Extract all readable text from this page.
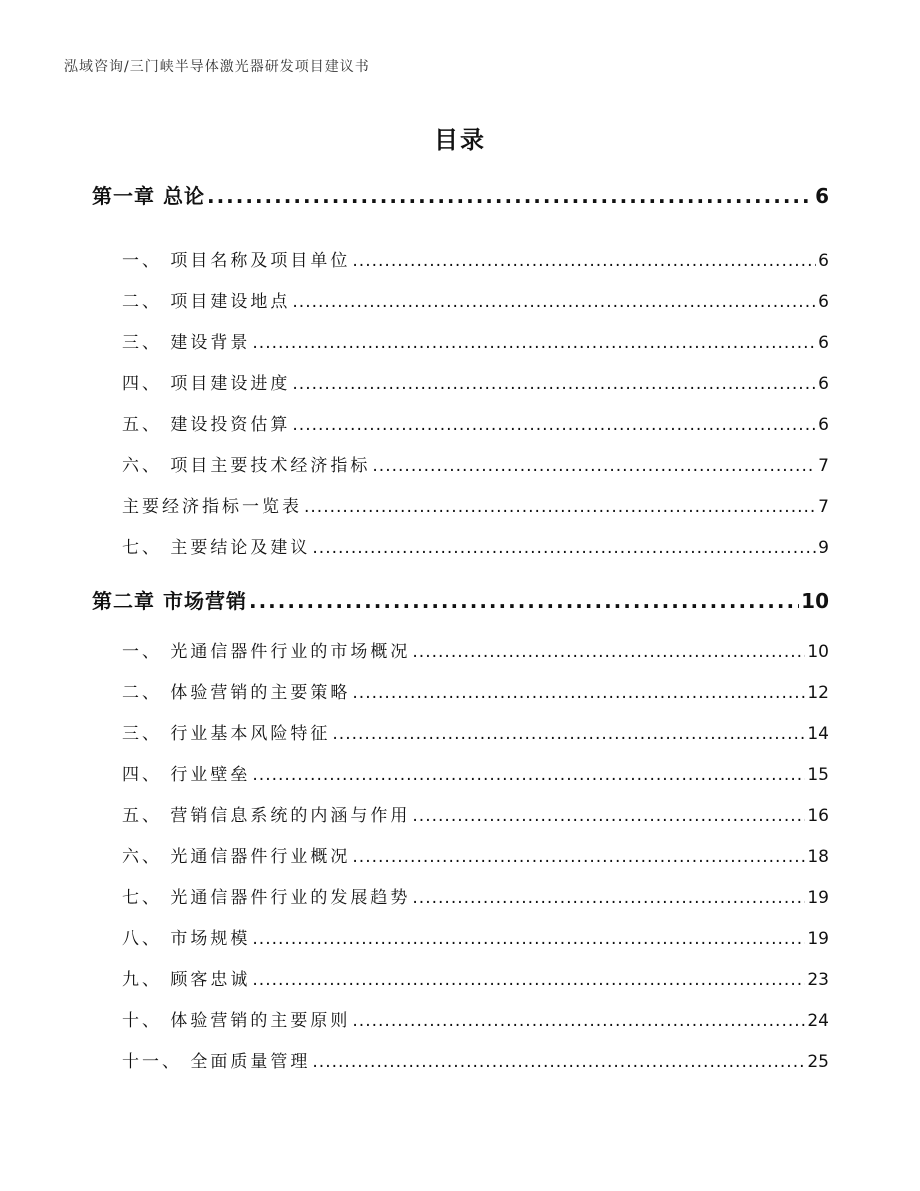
泓域咨询/三门峡半导体激光器研发项目建议书
目录
第一章 总论 .....	6
一、 项目名称及项目单位 .....	6
二、 项目建设地点 .....	6
三、 建设背景 .....	6
四、 项目建设进度 .....	6
五、 建设投资估算 .....	6
六、 项目主要技术经济指标 .....	7
主要经济指标一览表 .....	7
七、 主要结论及建议 .....	9
第二章 市场营销 .....	10
一、 光通信器件行业的市场概况 .....	10
二、 体验营销的主要策略 .....	12
三、 行业基本风险特征 .....	14
四、 行业壁垒 .....	15
五、 营销信息系统的内涵与作用 .....	16
六、 光通信器件行业概况 .....	18
七、 光通信器件行业的发展趋势 .....	19
八、 市场规模 .....	19
九、 顾客忠诚 .....	23
十、 体验营销的主要原则 .....	24
十一、 全面质量管理 .....	25
